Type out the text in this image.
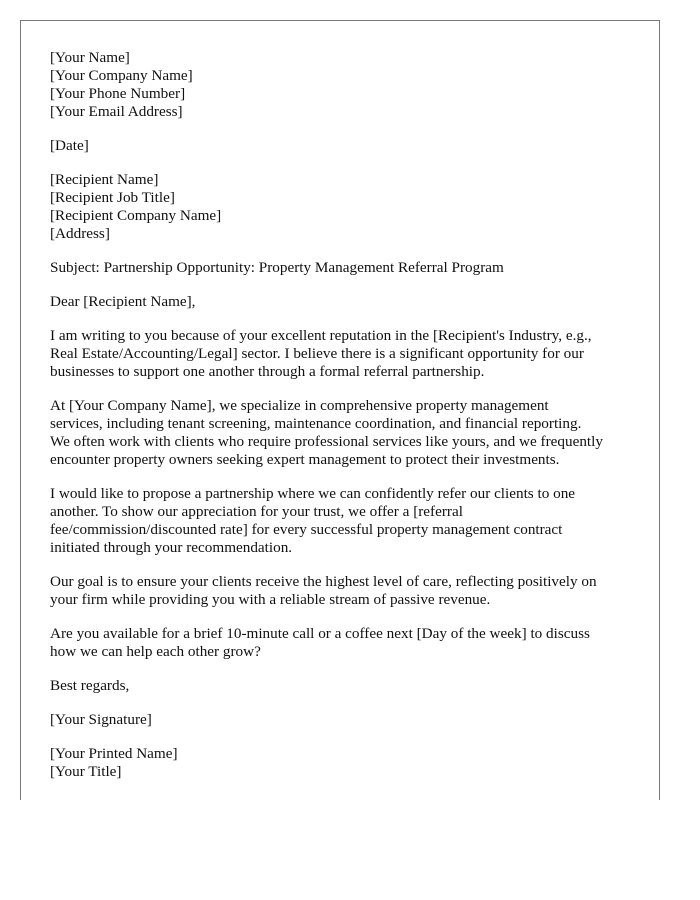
[Your Name]
[Your Company Name]
[Your Phone Number]
[Your Email Address]
[Date]
[Recipient Name]
[Recipient Job Title]
[Recipient Company Name]
[Address]
Subject: Partnership Opportunity: Property Management Referral Program
Dear [Recipient Name],
I am writing to you because of your excellent reputation in the [Recipient's Industry, e.g.,
Real Estate/Accounting/Legal] sector. I believe there is a significant opportunity for our
businesses to support one another through a formal referral partnership.
At [Your Company Name], we specialize in comprehensive property management
services, including tenant screening, maintenance coordination, and financial reporting.
We often work with clients who require professional services like yours, and we frequently
encounter property owners seeking expert management to protect their investments.
I would like to propose a partnership where we can confidently refer our clients to one
another. To show our appreciation for your trust, we offer a [referral
fee/commission/discounted rate] for every successful property management contract
initiated through your recommendation.
Our goal is to ensure your clients receive the highest level of care, reflecting positively on
your firm while providing you with a reliable stream of passive revenue.
Are you available for a brief 10-minute call or a coffee next [Day of the week] to discuss
how we can help each other grow?
Best regards,
[Your Signature]
[Your Printed Name]
[Your Title]
